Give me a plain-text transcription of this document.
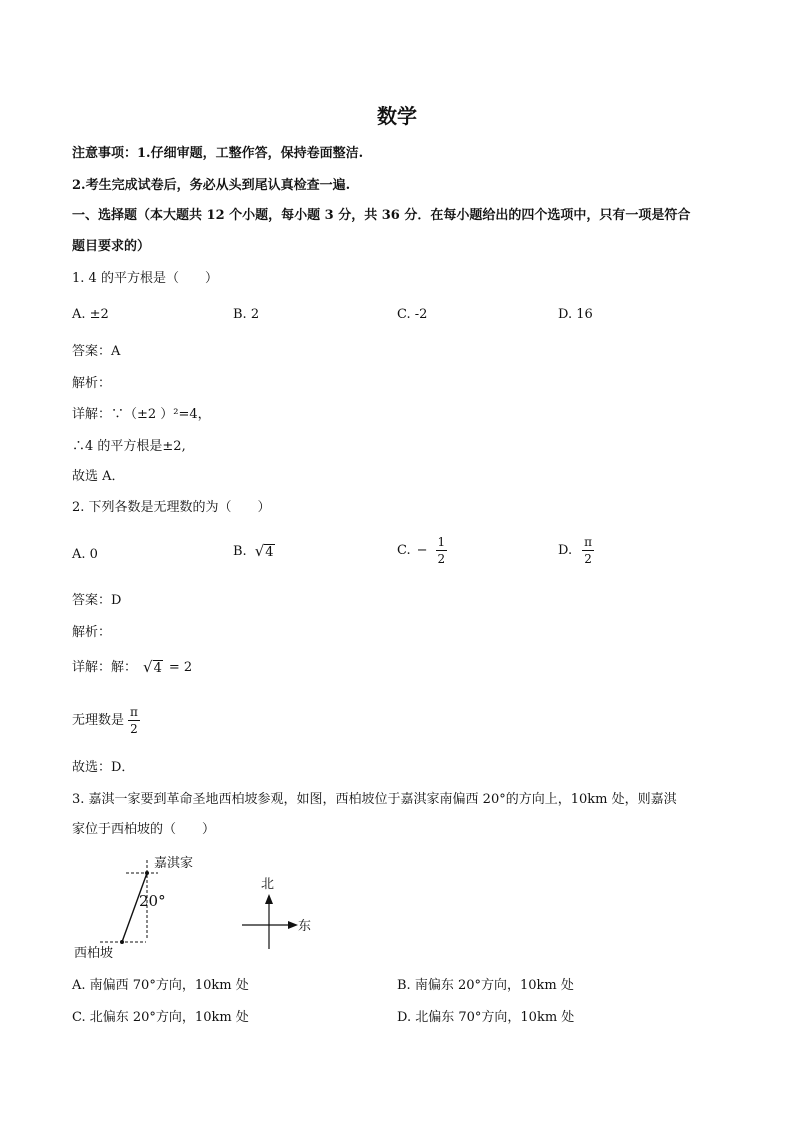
数学
注意事项：1.仔细审题，工整作答，保持卷面整洁.
2.考生完成试卷后，务必从头到尾认真检查一遍.
一、选择题（本大题共 12 个小题，每小题 3 分，共 36 分．在每小题给出的四个选项中，只有一项是符合
题目要求的）
1. 4 的平方根是（　　）
A. ±2	B. 2	C. -2	D. 16
答案：A
解析：
详解：∵（±2 ）²=4，
∴4 的平方根是±2,
故选 A．
2. 下列各数是无理数的为（　　）
A. 0	B. √ 4	C. − $\frac{1}{2}$	D. $\frac{\pi}{2}$
答案：D
解析：
详解：解： √ 4 = 2
无理数是 $\frac{\pi}{2}$
故选：D．
3. 嘉淇一家要到革命圣地西柏坡参观，如图，西柏坡位于嘉淇家南偏西 20°的方向上，10km 处，则嘉淇
家位于西柏坡的（　　）
嘉淇家
20°
西柏坡
北
东
A. 南偏西 70°方向，10km 处	B. 南偏东 20°方向，10km 处
C. 北偏东 20°方向，10km 处	D. 北偏东 70°方向，10km 处
